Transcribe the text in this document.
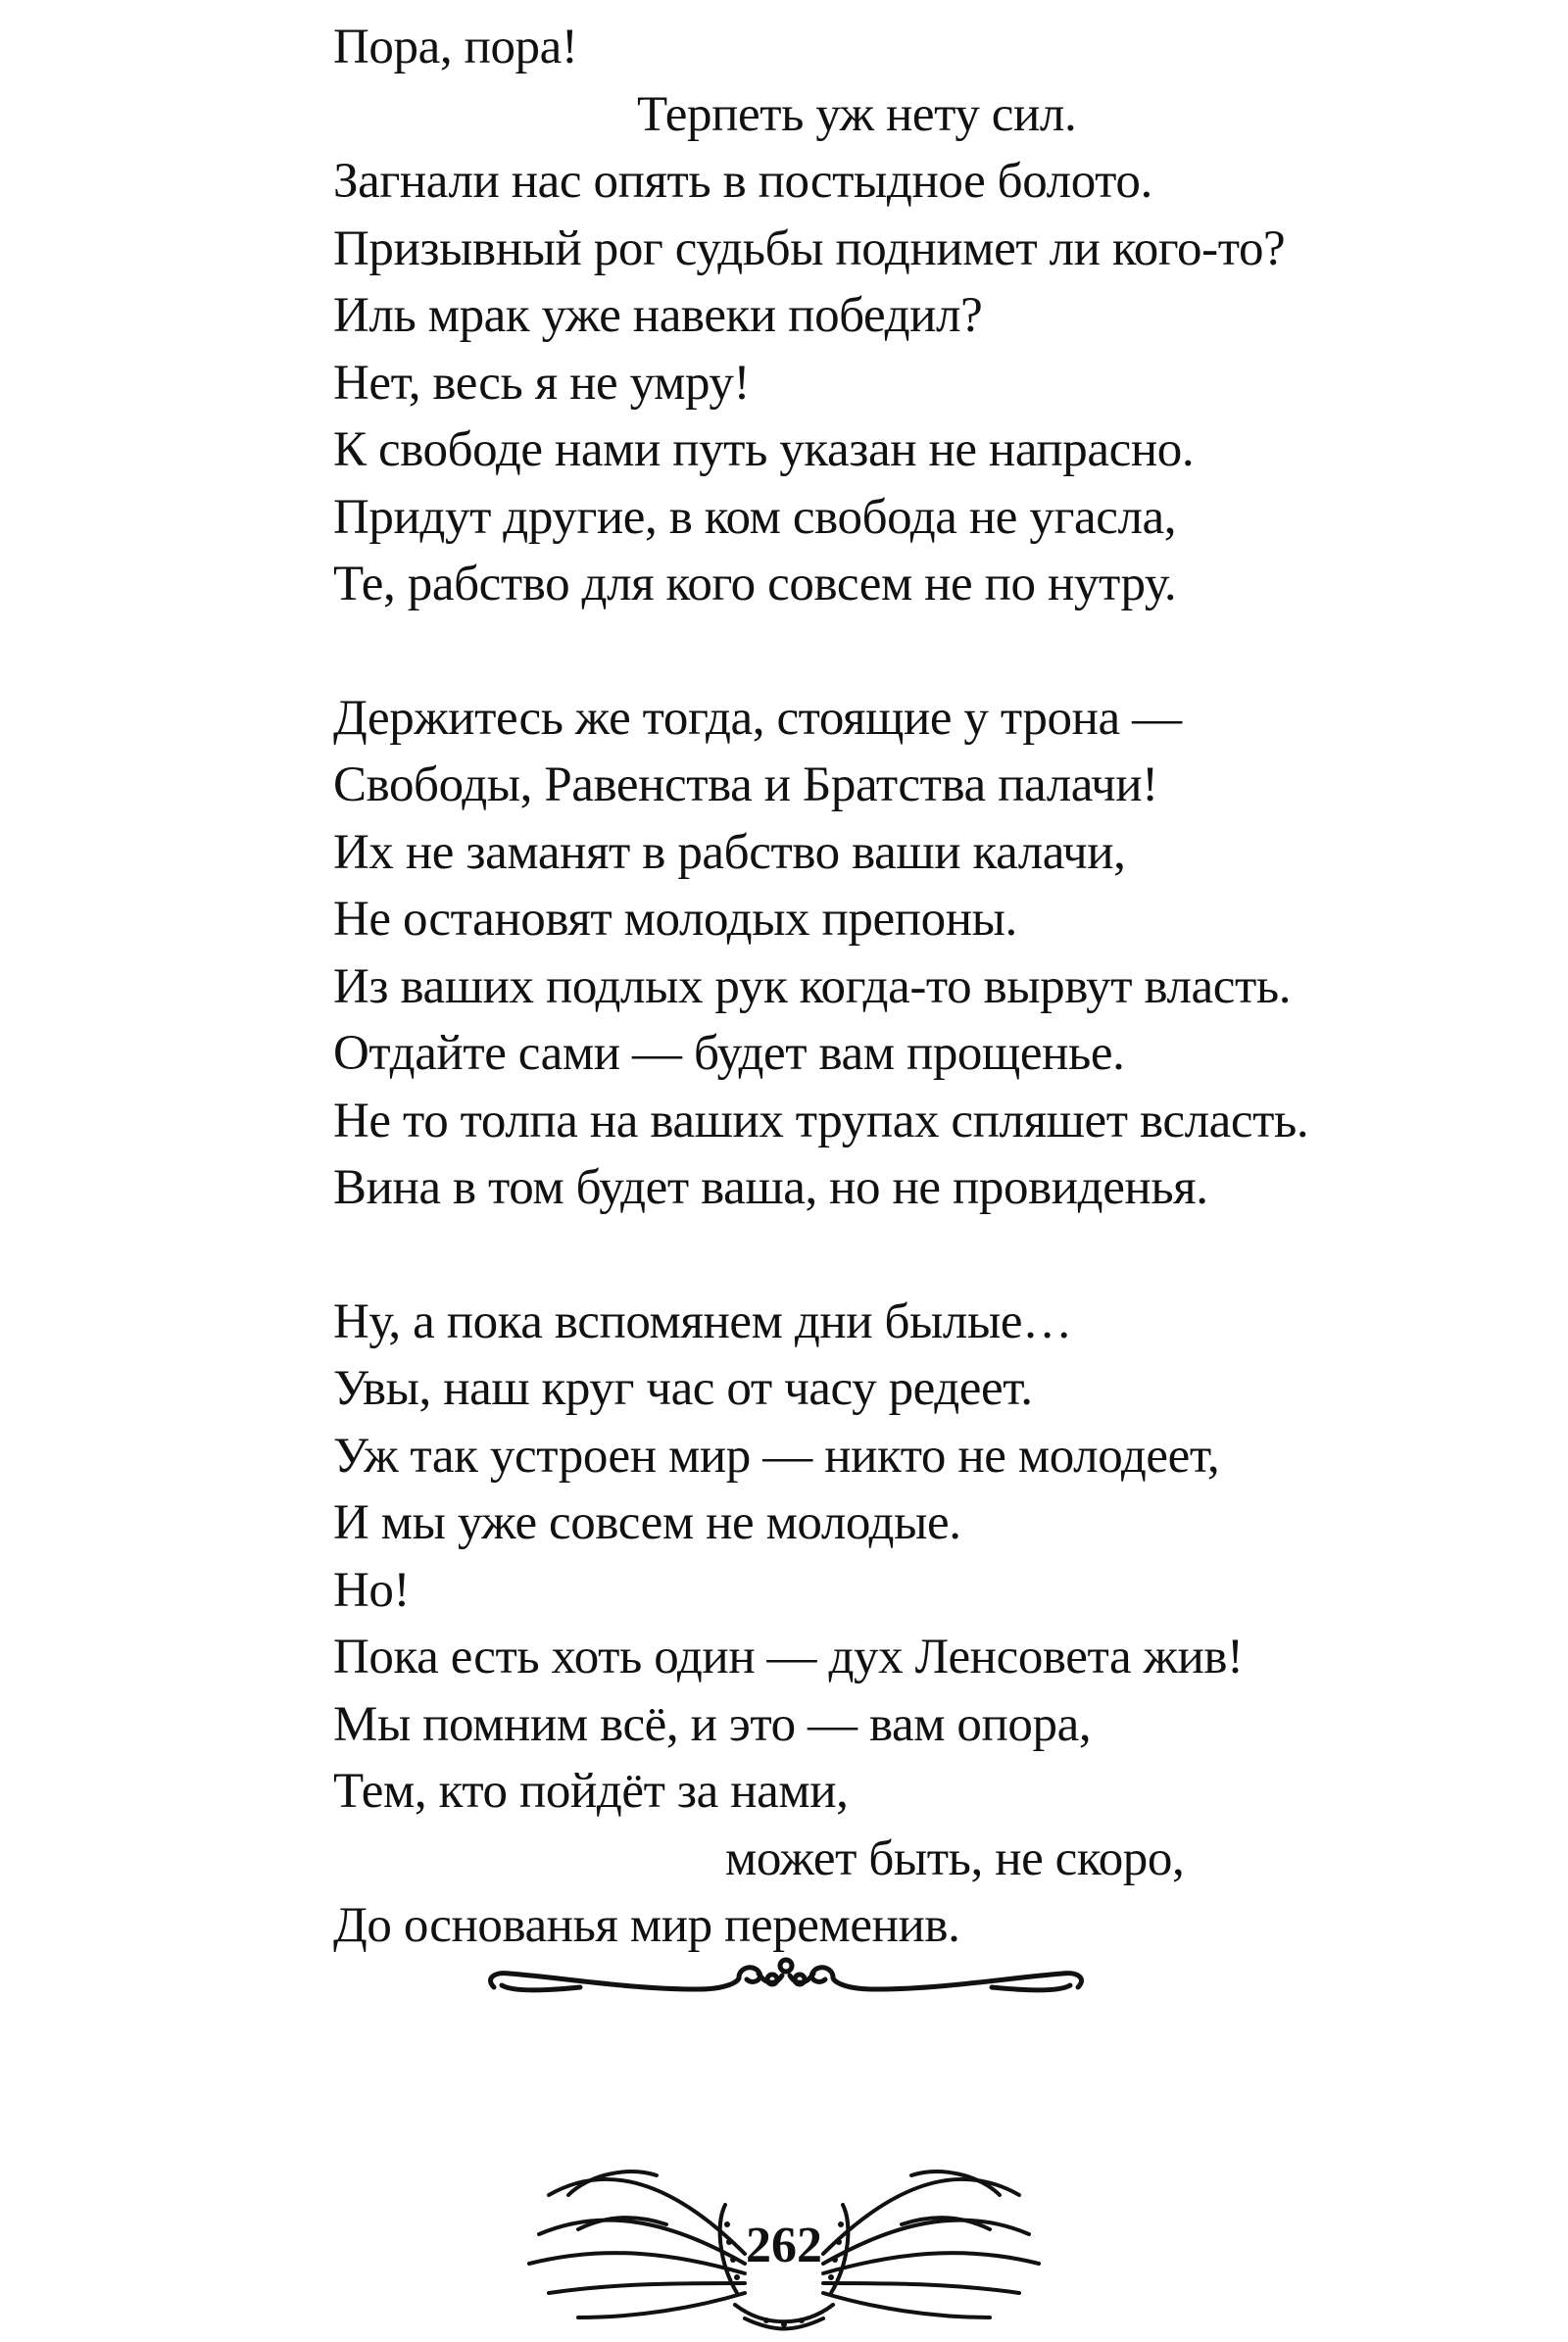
Пора, пора!
Терпеть уж нету сил.
Загнали нас опять в постыдное болото.
Призывный рог судьбы поднимет ли кого-то?
Иль мрак уже навеки победил?
Нет, весь я не умру!
К свободе нами путь указан не напрасно.
Придут другие, в ком свобода не угасла,
Те, рабство для кого совсем не по нутру.
Держитесь же тогда, стоящие у трона —
Свободы, Равенства и Братства палачи!
Их не заманят в рабство ваши калачи,
Не остановят молодых препоны.
Из ваших подлых рук когда-то вырвут власть.
Отдайте сами — будет вам прощенье.
Не то толпа на ваших трупах спляшет всласть.
Вина в том будет ваша, но не провиденья.
Ну, а пока вспомянем дни былые…
Увы, наш круг час от часу редеет.
Уж так устроен мир — никто не молодеет,
И мы уже совсем не молодые.
Но!
Пока есть хоть один — дух Ленсовета жив!
Мы помним всё, и это — вам опора,
Тем, кто пойдёт за нами,
может быть, не скоро,
До основанья мир переменив.
262
